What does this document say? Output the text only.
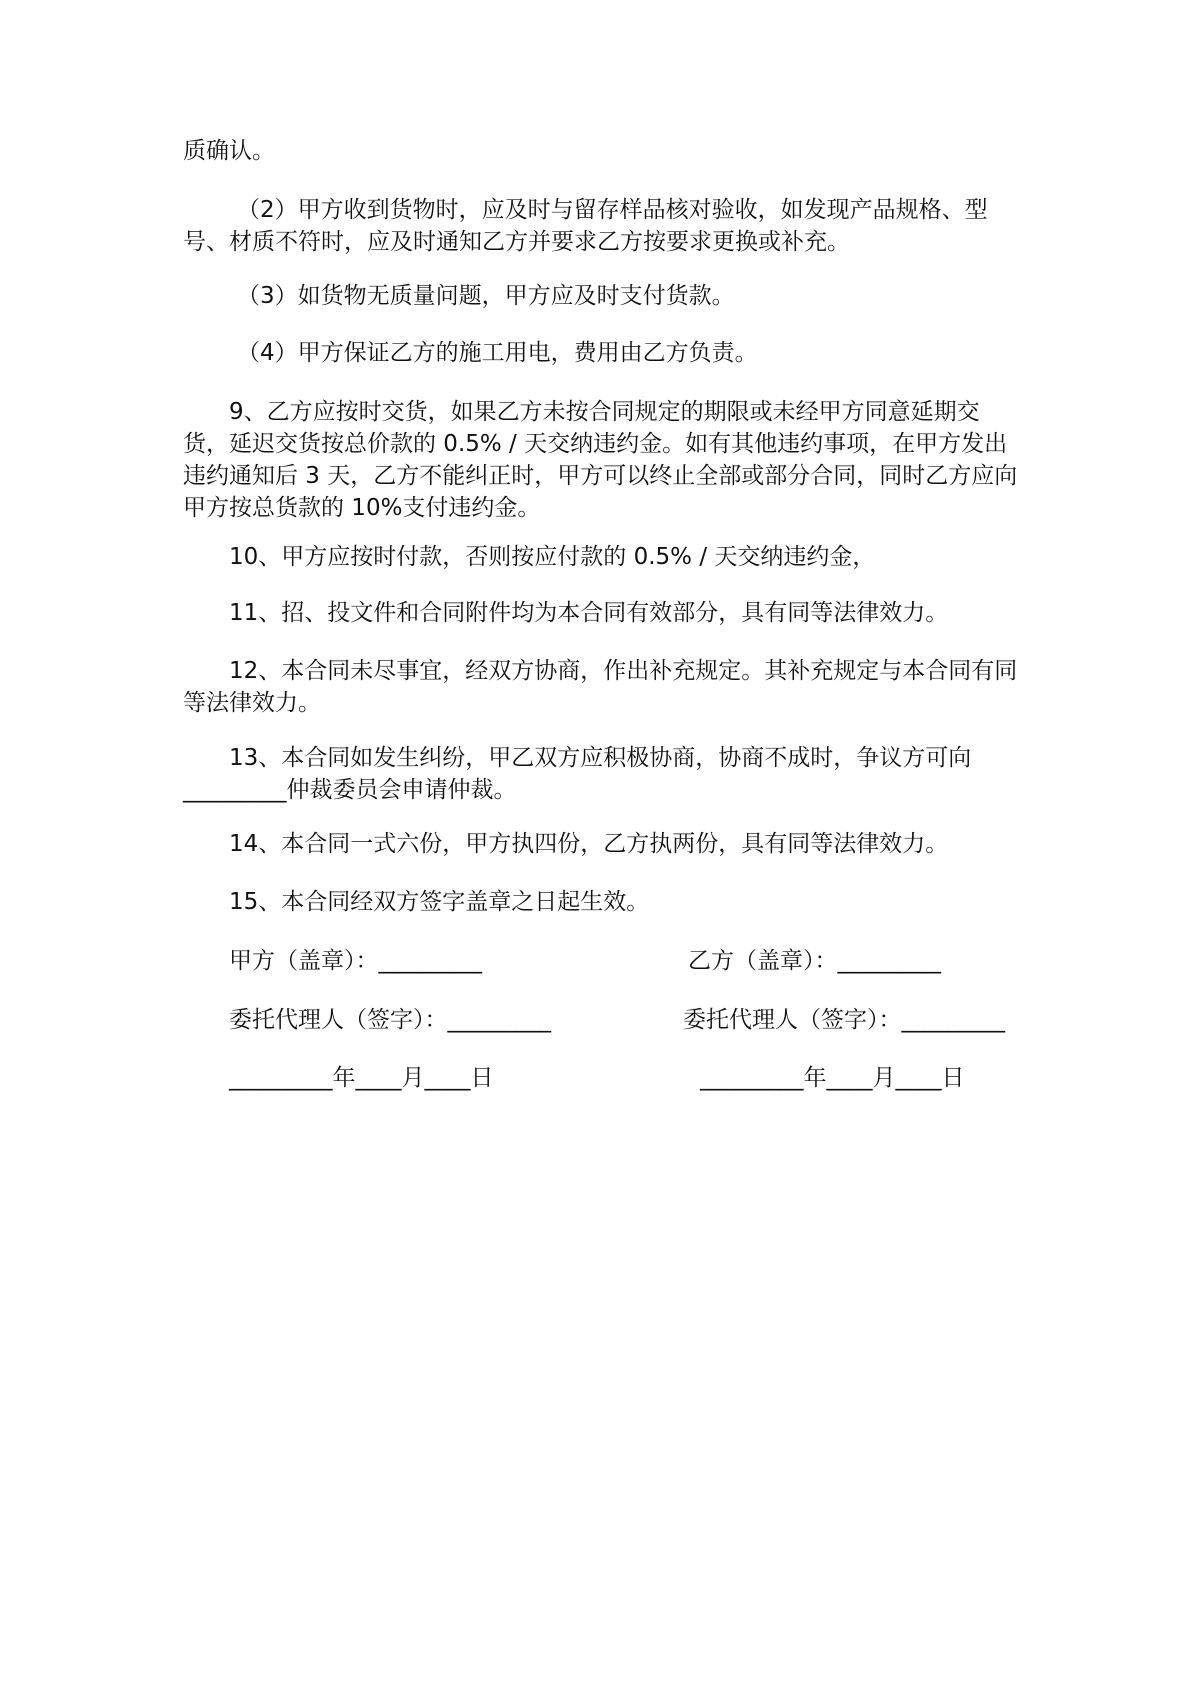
质确认。

（2）甲方收到货物时，应及时与留存样品核对验收，如发现产品规格、型号、材质不符时，应及时通知乙方并要求乙方按要求更换或补充。

（3）如货物无质量问题，甲方应及时支付货款。

（4）甲方保证乙方的施工用电，费用由乙方负责。

9、乙方应按时交货，如果乙方未按合同规定的期限或未经甲方同意延期交货，延迟交货按总价款的 0.5% / 天交纳违约金。如有其他违约事项，在甲方发出违约通知后 3 天，乙方不能纠正时，甲方可以终止全部或部分合同，同时乙方应向甲方按总货款的 10%支付违约金。

10、甲方应按时付款，否则按应付款的 0.5% / 天交纳违约金，

11、招、投文件和合同附件均为本合同有效部分，具有同等法律效力。

12、本合同未尽事宜，经双方协商，作出补充规定。其补充规定与本合同有同等法律效力。

13、本合同如发生纠纷，甲乙双方应积极协商，协商不成时，争议方可向_________仲裁委员会申请仲裁。

14、本合同一式六份，甲方执四份，乙方执两份，具有同等法律效力。

15、本合同经双方签字盖章之日起生效。

甲方（盖章）：_________	乙方（盖章）：_________
委托代理人（签字）：_________	委托代理人（签字）：_________
_________年____月____日	_________年____月____日
